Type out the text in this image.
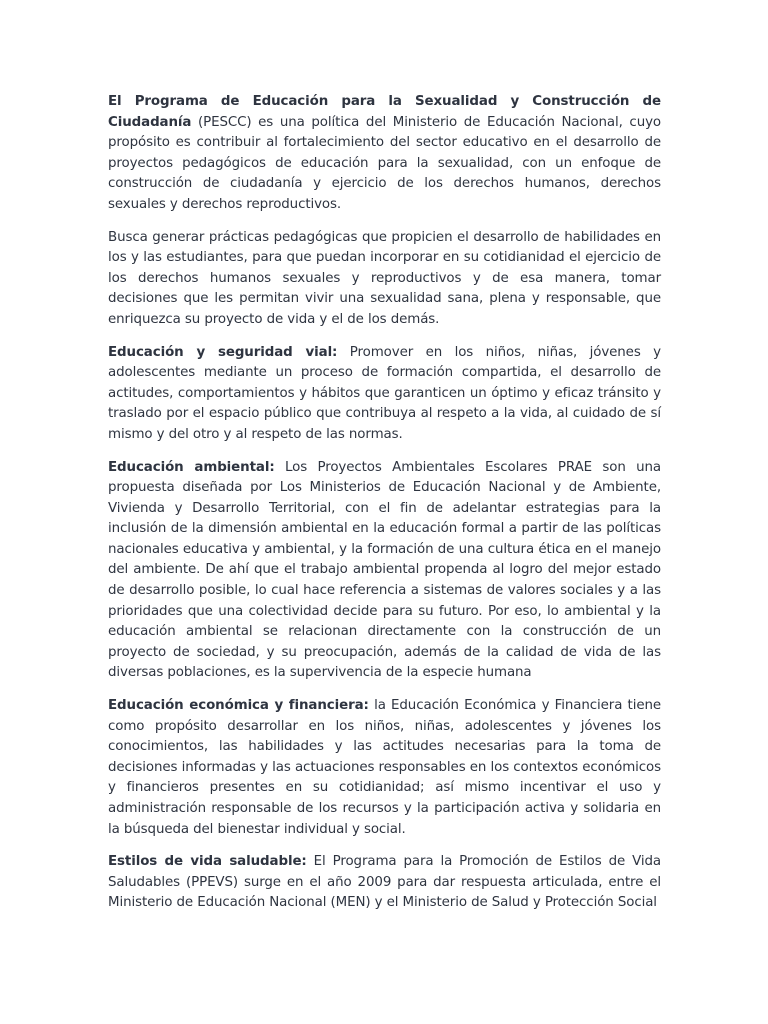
El Programa de Educación para la Sexualidad y Construcción de Ciudadanía (PESCC) es una política del Ministerio de Educación Nacional, cuyo propósito es contribuir al fortalecimiento del sector educativo en el desarrollo de proyectos pedagógicos de educación para la sexualidad, con un enfoque de construcción de ciudadanía y ejercicio de los derechos humanos, derechos sexuales y derechos reproductivos.

Busca generar prácticas pedagógicas que propicien el desarrollo de habilidades en los y las estudiantes, para que puedan incorporar en su cotidianidad el ejercicio de los derechos humanos sexuales y reproductivos y de esa manera, tomar decisiones que les permitan vivir una sexualidad sana, plena y responsable, que enriquezca su proyecto de vida y el de los demás.

Educación y seguridad vial: Promover en los niños, niñas, jóvenes y adolescentes mediante un proceso de formación compartida, el desarrollo de actitudes, comportamientos y hábitos que garanticen un óptimo y eficaz tránsito y traslado por el espacio público que contribuya al respeto a la vida, al cuidado de sí mismo y del otro y al respeto de las normas.

Educación ambiental: Los Proyectos Ambientales Escolares PRAE son una propuesta diseñada por Los Ministerios de Educación Nacional y de Ambiente, Vivienda y Desarrollo Territorial, con el fin de adelantar estrategias para la inclusión de la dimensión ambiental en la educación formal a partir de las políticas nacionales educativa y ambiental, y la formación de una cultura ética en el manejo del ambiente. De ahí que el trabajo ambiental propenda al logro del mejor estado de desarrollo posible, lo cual hace referencia a sistemas de valores sociales y a las prioridades que una colectividad decide para su futuro. Por eso, lo ambiental y la educación ambiental se relacionan directamente con la construcción de un proyecto de sociedad, y su preocupación, además de la calidad de vida de las diversas poblaciones, es la supervivencia de la especie humana

Educación económica y financiera: la Educación Económica y Financiera tiene como propósito desarrollar en los niños, niñas, adolescentes y jóvenes los conocimientos, las habilidades y las actitudes necesarias para la toma de decisiones informadas y las actuaciones responsables en los contextos económicos y financieros presentes en su cotidianidad; así mismo incentivar el uso y administración responsable de los recursos y la participación activa y solidaria en la búsqueda del bienestar individual y social.

Estilos de vida saludable: El Programa para la Promoción de Estilos de Vida Saludables (PPEVS) surge en el año 2009 para dar respuesta articulada, entre el Ministerio de Educación Nacional (MEN) y el Ministerio de Salud y Protección Social
